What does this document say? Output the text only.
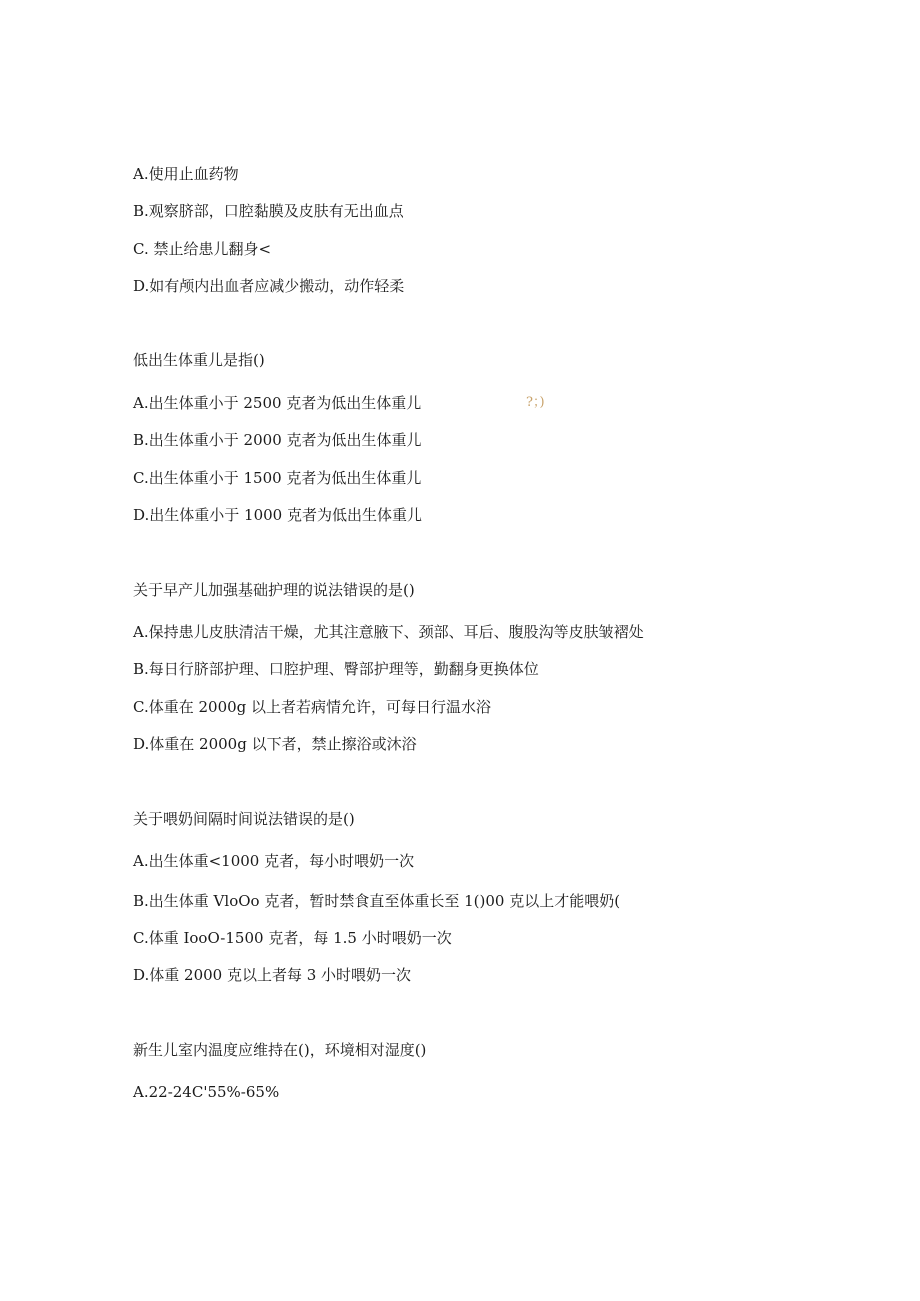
A.使用止血药物
B.观察脐部，口腔黏膜及皮肤有无出血点
C. 禁止给患儿翻身<
D.如有颅内出血者应减少搬动，动作轻柔
低出生体重儿是指()
A.出生体重小于 2500 克者为低出生体重儿	?；)
B.出生体重小于 2000 克者为低出生体重儿
C.出生体重小于 1500 克者为低出生体重儿
D.出生体重小于 1000 克者为低出生体重儿
关于早产儿加强基础护理的说法错误的是()
A.保持患儿皮肤清洁干燥，尤其注意腋下、颈部、耳后、腹股沟等皮肤皱褶处
B.每日行脐部护理、口腔护理、臀部护理等，勤翻身更换体位
C.体重在 2000g 以上者若病情允许，可每日行温水浴
D.体重在 2000g 以下者，禁止擦浴或沐浴
关于喂奶间隔时间说法错误的是()
A.出生体重<1000 克者，每小时喂奶一次
B.出生体重 VloOo 克者，暂时禁食直至体重长至 1()00 克以上才能喂奶(
C.体重 IooO-1500 克者，每 1.5 小时喂奶一次
D.体重 2000 克以上者每 3 小时喂奶一次
新生儿室内温度应维持在()，环境相对湿度()
A.22-24C'55%-65%
